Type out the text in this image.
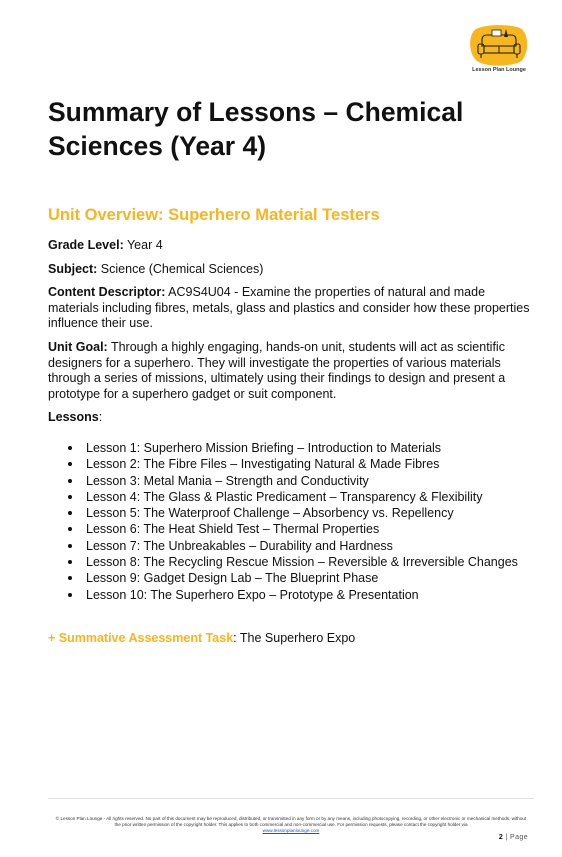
Lesson Plan Lounge
Summary of Lessons – Chemical Sciences (Year 4)
Unit Overview: Superhero Material Testers

Grade Level: Year 4

Subject: Science (Chemical Sciences)

Content Descriptor: AC9S4U04 - Examine the properties of natural and made materials including fibres, metals, glass and plastics and consider how these properties influence their use.

Unit Goal: Through a highly engaging, hands-on unit, students will act as scientific designers for a superhero. They will investigate the properties of various materials through a series of missions, ultimately using their findings to design and present a prototype for a superhero gadget or suit component.

Lessons:

Lesson 1: Superhero Mission Briefing – Introduction to Materials
Lesson 2: The Fibre Files – Investigating Natural & Made Fibres
Lesson 3: Metal Mania – Strength and Conductivity
Lesson 4: The Glass & Plastic Predicament – Transparency & Flexibility
Lesson 5: The Waterproof Challenge – Absorbency vs. Repellency
Lesson 6: The Heat Shield Test – Thermal Properties
Lesson 7: The Unbreakables – Durability and Hardness
Lesson 8: The Recycling Rescue Mission – Reversible & Irreversible Changes
Lesson 9: Gadget Design Lab – The Blueprint Phase
Lesson 10: The Superhero Expo – Prototype & Presentation

+ Summative Assessment Task: The Superhero Expo

© Lesson Plan Lounge - All rights reserved. No part of this document may be reproduced, distributed, or transmitted in any form or by any means, including photocopying, recording, or other electronic or mechanical methods, without the prior written permission of the copyright holder. This applies to both commercial and non-commercial use. For permission requests, please contact the copyright holder via
www.lessonplanlounge.com
2 | Page
